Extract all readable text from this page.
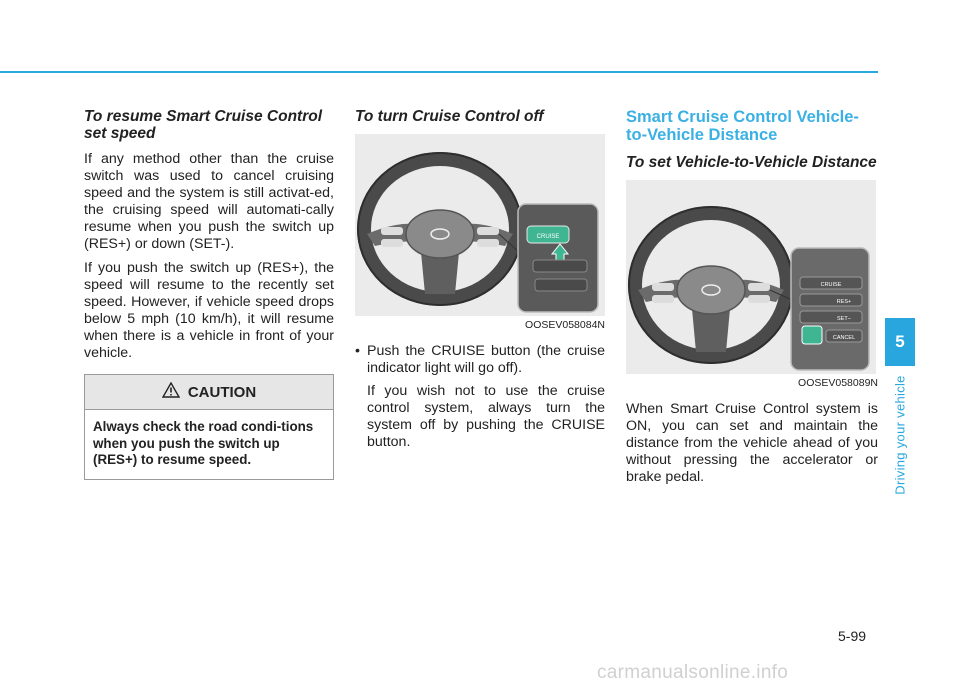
To resume Smart Cruise Control set speed

If any method other than the cruise switch was used to cancel cruising speed and the system is still activat-ed, the cruising speed will automati-cally resume when you push the switch up (RES+) or down (SET-).

If you push the switch up (RES+), the speed will resume to the recently set speed. However, if vehicle speed drops below 5 mph (10 km/h), it will resume when there is a vehicle in front of your vehicle.

CAUTION
Always check the road condi-tions when you push the switch up (RES+) to resume speed.
To turn Cruise Control off
CRUISE
OOSEV058084N
• Push the CRUISE button (the cruise indicator light will go off).

If you wish not to use the cruise control system, always turn the system off by pushing the CRUISE button.

Smart Cruise Control Vehicle-to-Vehicle Distance
To set Vehicle-to-Vehicle Distance
CRUISE
RES+
SET−
CANCEL
OOSEV058089N

When Smart Cruise Control system is ON, you can set and maintain the distance from the vehicle ahead of you without pressing the accelerator or brake pedal.

5
Driving your vehicle
5-99
carmanualsonline.info
